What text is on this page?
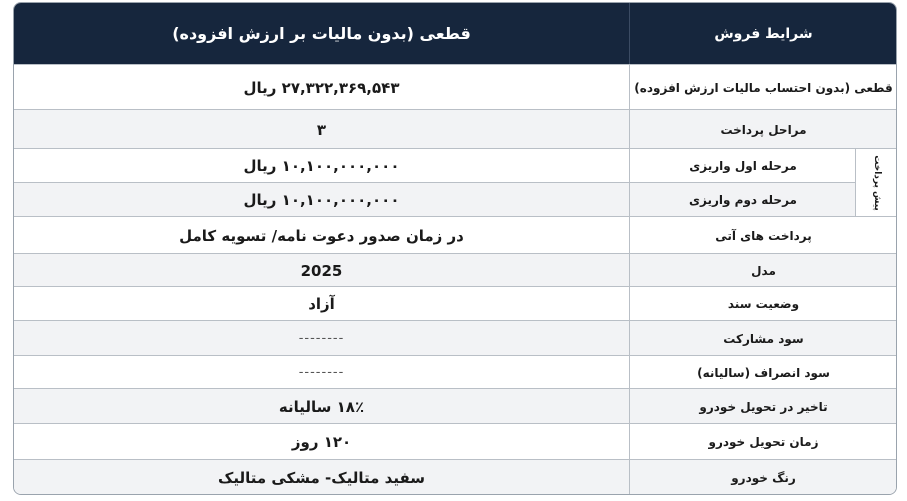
قطعی (بدون مالیات بر ارزش افزوده)	شرایط فروش
۲۷,۳۲۲,۳۶۹,۵۴۳ ریال	قطعی (بدون احتساب مالیات ارزش افزوده)
۳	مراحل پرداخت
۱۰,۱۰۰,۰۰۰,۰۰۰ ریال	مرحله اول واریزی
۱۰,۱۰۰,۰۰۰,۰۰۰ ریال	مرحله دوم واریزی	پیش پرداخت
در زمان صدور دعوت نامه/ تسویه کامل	پرداخت های آتی
2025	مدل
آزاد	وضعیت سند
--------	سود مشارکت
--------	سود انصراف (سالیانه)
۱۸٪ سالیانه	تاخیر در تحویل خودرو
۱۲۰ روز	زمان تحویل خودرو
سفید متالیک- مشکی متالیک	رنگ خودرو
